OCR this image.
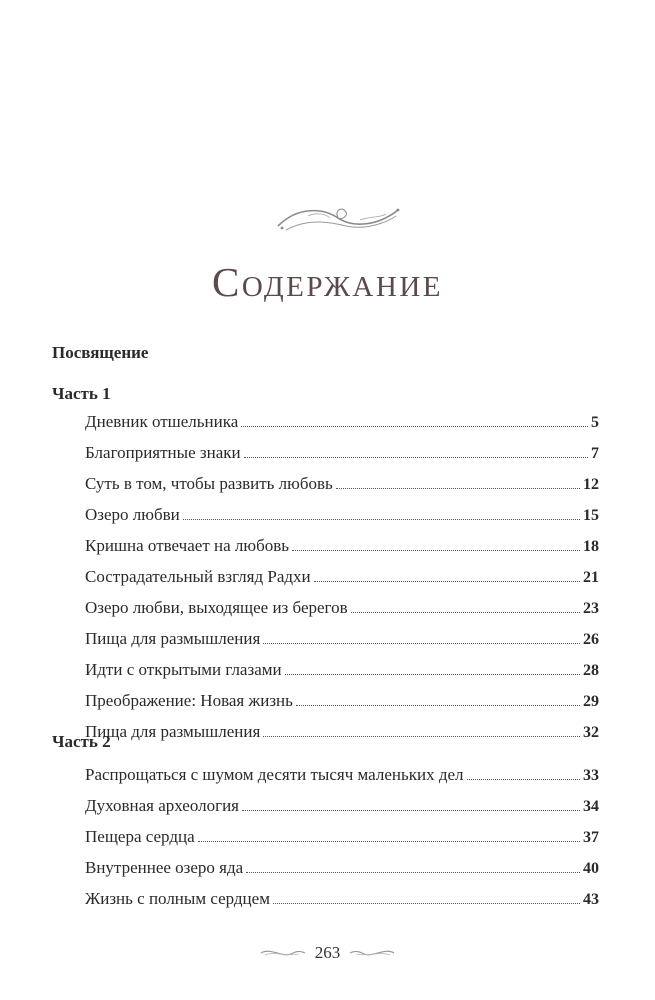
Содержание
Посвящение
Часть 1
Дневник отшельника	5
Благоприятные знаки	7
Суть в том, чтобы развить любовь	12
Озеро любви	15
Кришна отвечает на любовь	18
Сострадательный взгляд Радхи	21
Озеро любви, выходящее из берегов	23
Пища для размышления	26
Идти с открытыми глазами	28
Преображение: Новая жизнь	29
Пища для размышления	32
Часть 2
Распрощаться с шумом десяти тысяч маленьких дел	33
Духовная археология	34
Пещера сердца	37
Внутреннее озеро яда	40
Жизнь с полным сердцем	43
263
